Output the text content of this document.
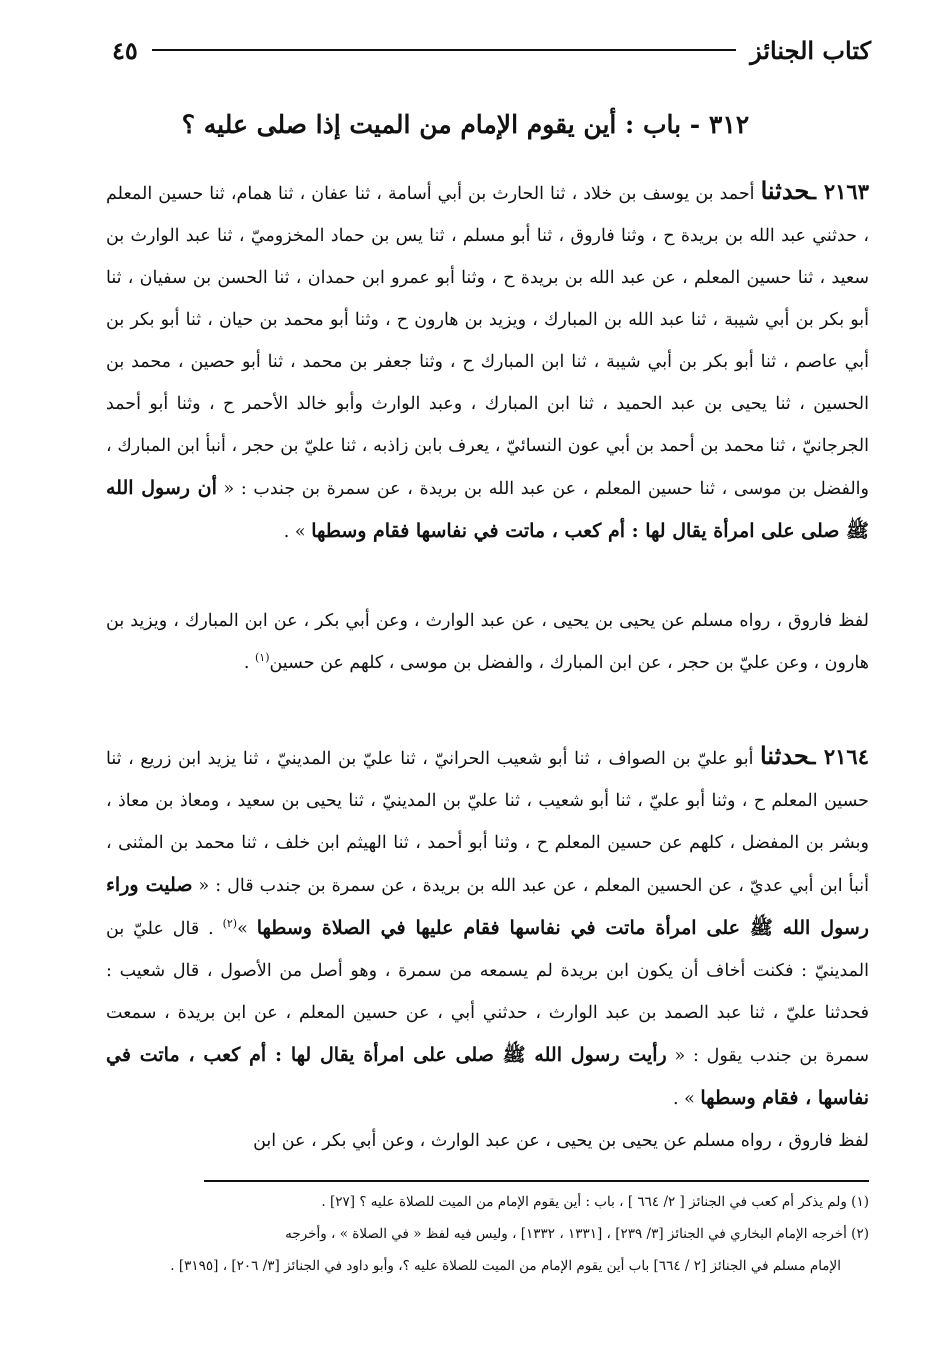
كتاب الجنائز
٤٥
٣١٢ - باب : أين يقوم الإمام من الميت إذا صلى عليه ؟

٢١٦٣ ـحدثنا أحمد بن يوسف بن خلاد ، ثنا الحارث بن أبي أسامة ، ثنا عفان ، ثنا همام، ثنا حسين المعلم ، حدثني عبد الله بن بريدة ح ، وثنا فاروق ، ثنا أبو مسلم ، ثنا يس بن حماد المخزوميّ ، ثنا عبد الوارث بن سعيد ، ثنا حسين المعلم ، عن عبد الله بن بريدة ح ، وثنا أبو عمرو ابن حمدان ، ثنا الحسن بن سفيان ، ثنا أبو بكر بن أبي شيبة ، ثنا عبد الله بن المبارك ، ويزيد بن هارون ح ، وثنا أبو محمد بن حيان ، ثنا أبو بكر بن أبي عاصم ، ثنا أبو بكر بن أبي شيبة ، ثنا ابن المبارك ح ، وثنا جعفر بن محمد ، ثنا أبو حصين ، محمد بن الحسين ، ثنا يحيى بن عبد الحميد ، ثنا ابن المبارك ، وعبد الوارث وأبو خالد الأحمر ح ، وثنا أبو أحمد الجرجانيّ ، ثنا محمد بن أحمد بن أبي عون النسائيّ ، يعرف بابن زاذبه ، ثنا عليّ بن حجر ، أنبأ ابن المبارك ، والفضل بن موسى ، ثنا حسين المعلم ، عن عبد الله بن بريدة ، عن سمرة بن جندب : « أن رسول الله ﷺ صلى على امرأة يقال لها : أم كعب ، ماتت في نفاسها فقام وسطها » .

لفظ فاروق ، رواه مسلم عن يحيى بن يحيى ، عن عبد الوارث ، وعن أبي بكر ، عن ابن المبارك ، ويزيد بن هارون ، وعن عليّ بن حجر ، عن ابن المبارك ، والفضل بن موسى ، كلهم عن حسين$^{(١)}$ .

٢١٦٤ ـحدثنا أبو عليّ بن الصواف ، ثنا أبو شعيب الحرانيّ ، ثنا عليّ بن المدينيّ ، ثنا يزيد ابن زريع ، ثنا حسين المعلم ح ، وثنا أبو عليّ ، ثنا أبو شعيب ، ثنا عليّ بن المدينيّ ، ثنا يحيى بن سعيد ، ومعاذ بن معاذ ، وبشر بن المفضل ، كلهم عن حسين المعلم ح ، وثنا أبو أحمد ، ثنا الهيثم ابن خلف ، ثنا محمد بن المثنى ، أنبأ ابن أبي عديّ ، عن الحسين المعلم ، عن عبد الله بن بريدة ، عن سمرة بن جندب قال : « صليت وراء رسول الله ﷺ على امرأة ماتت في نفاسها فقام عليها في الصلاة وسطها »$^{(٢)}$ . قال عليّ بن المدينيّ : فكنت أخاف أن يكون ابن بريدة لم يسمعه من سمرة ، وهو أصل من الأصول ، قال شعيب : فحدثنا عليّ ، ثنا عبد الصمد بن عبد الوارث ، حدثني أبي ، عن حسين المعلم ، عن ابن بريدة ، سمعت سمرة بن جندب يقول : « رأيت رسول الله ﷺ صلى على امرأة يقال لها : أم كعب ، ماتت في نفاسها ، فقام وسطها » .

لفظ فاروق ، رواه مسلم عن يحيى بن يحيى ، عن عبد الوارث ، وعن أبي بكر ، عن ابن

(١) ولم يذكر أم كعب في الجنائز [ ٢/ ٦٦٤ ] ، باب : أين يقوم الإمام من الميت للصلاة عليه ؟ [٢٧] .

(٢) أخرجه الإمام البخاري في الجنائز [٣/ ٢٣٩] ، [١٣٣١ ، ١٣٣٢] ، وليس فيه لفظ « في الصلاة » ، وأخرجه

الإمام مسلم في الجنائز [٢ / ٦٦٤] باب أين يقوم الإمام من الميت للصلاة عليه ؟، وأبو داود في الجنائز [٣/ ٢٠٦] ، [٣١٩٥] .
